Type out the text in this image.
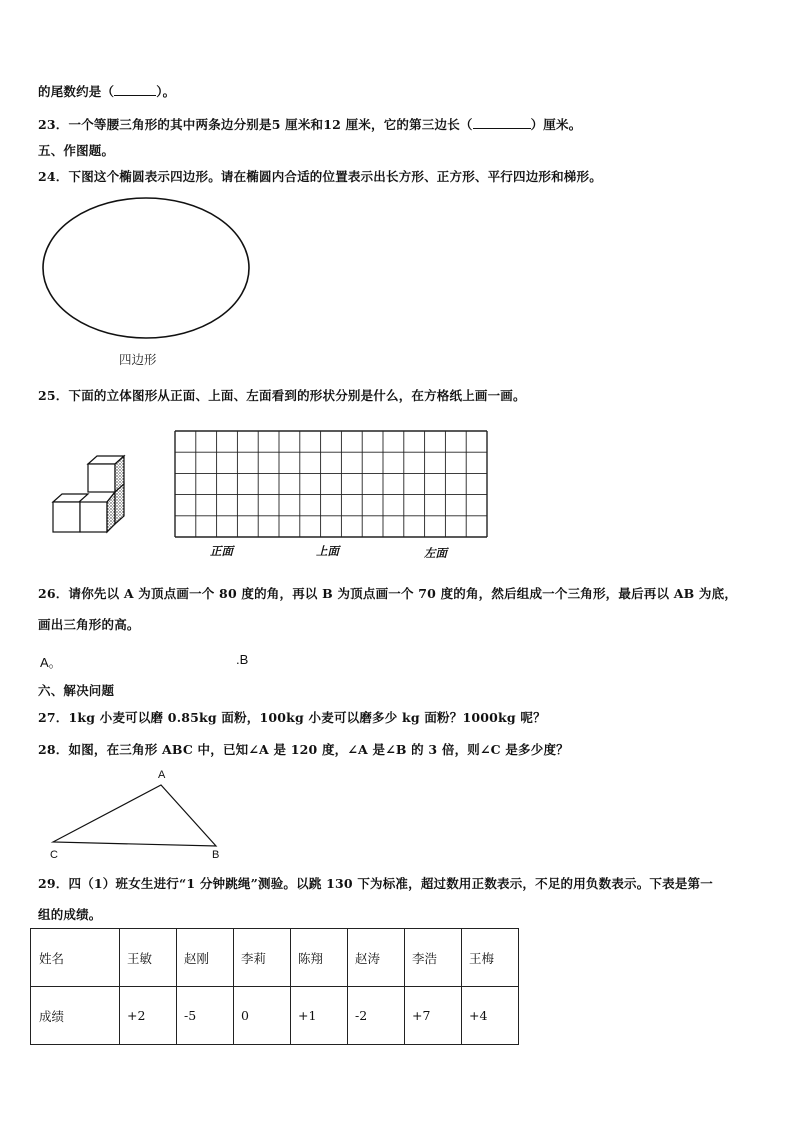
的尾数约是（	）。
23．一个等腰三角形的其中两条边分别是5 厘米和12 厘米，它的第三边长（	）厘米。
五、作图题。
24．下图这个椭圆表示四边形。请在椭圆内合适的位置表示出长方形、正方形、平行四边形和梯形。
四边形
25．下面的立体图形从正面、上面、左面看到的形状分别是什么，在方格纸上画一画。
正面	上面	左面
26．请你先以 A 为顶点画一个 80 度的角，再以 B 为顶点画一个 70 度的角，然后组成一个三角形，最后再以 AB 为底，
画出三角形的高。
A。	.B
六、解决问题
27．1kg 小麦可以磨 0.85kg 面粉，100kg 小麦可以磨多少 kg 面粉？1000kg 呢？
28．如图，在三角形 ABC 中，已知∠A 是 120 度，∠A 是∠B 的 3 倍，则∠C 是多少度？
A
B
C
29．四（1）班女生进行“1 分钟跳绳”测验。以跳 130 下为标准，超过数用正数表示，不足的用负数表示。下表是第一
组的成绩。
姓名	王敏	赵刚	李莉	陈翔	赵涛	李浩	王梅
成绩	+2	-5	0	+1	-2	+7	+4
